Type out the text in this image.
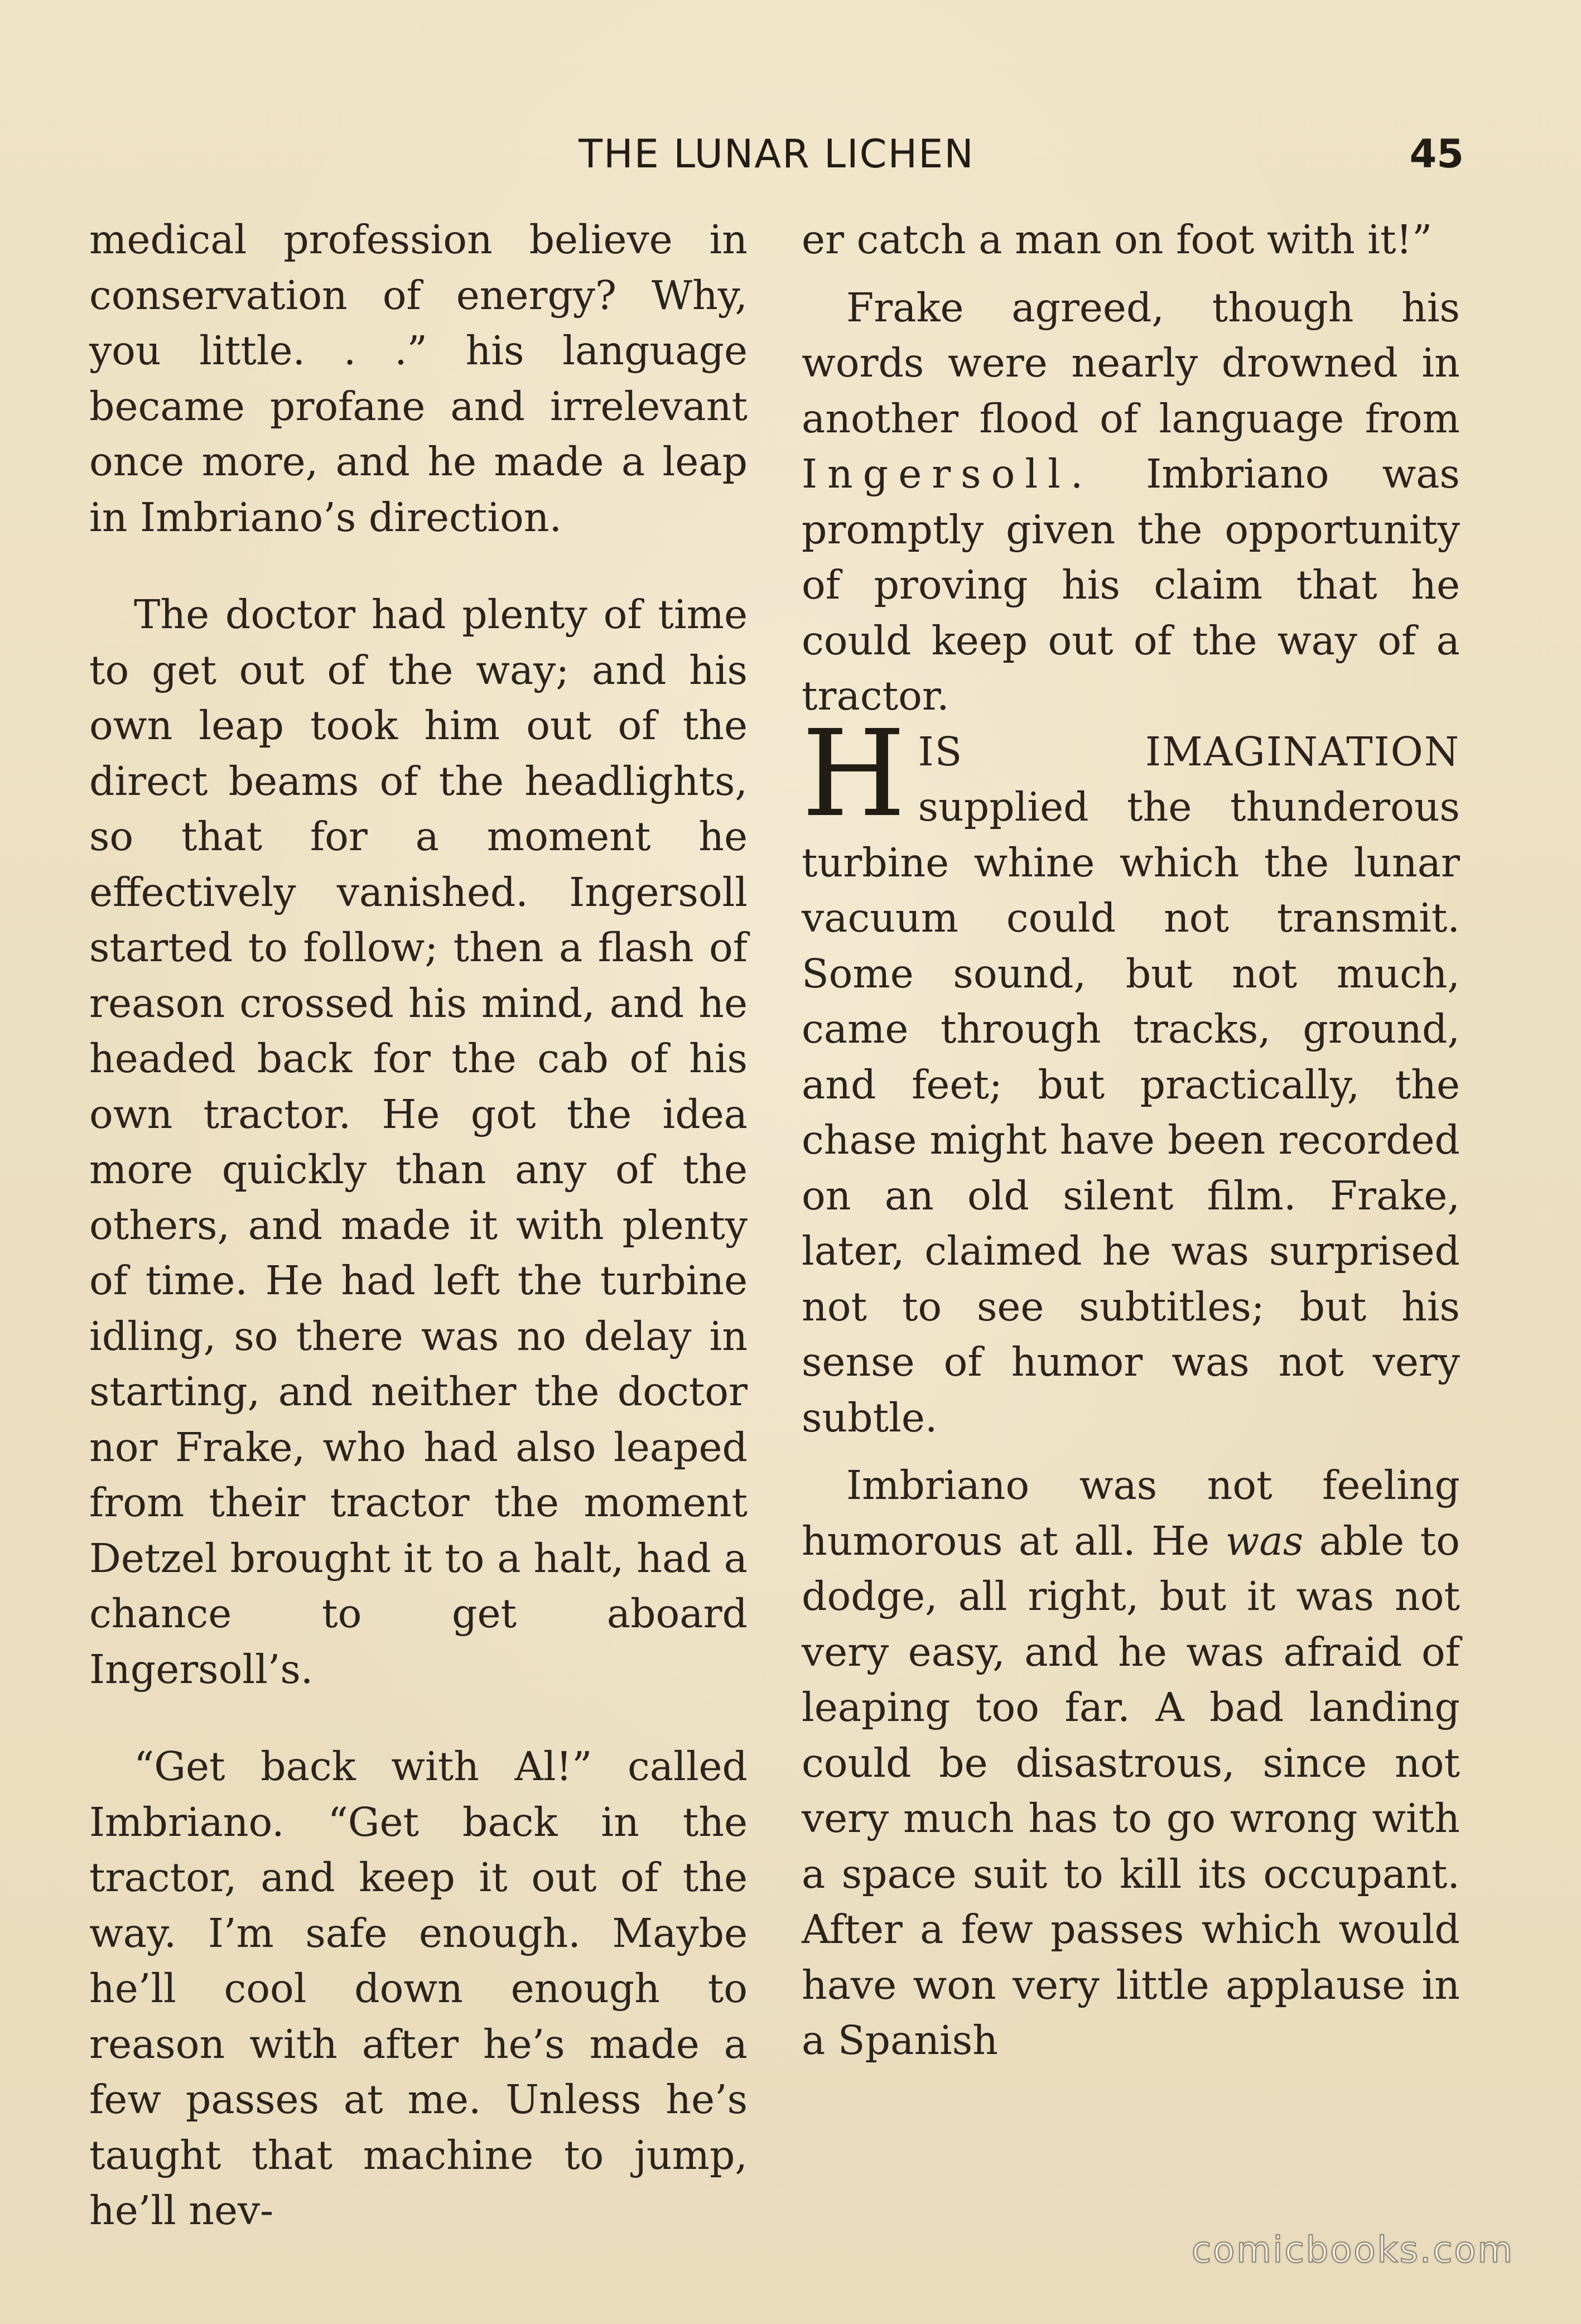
THE LUNAR LICHEN	45

medical profession believe in conservation of energy? Why, you little. . .” his language became profane and irrelevant once more, and he made a leap in Imbriano’s direction.

The doctor had plenty of time to get out of the way; and his own leap took him out of the direct beams of the headlights, so that for a moment he effectively vanished. Ingersoll started to follow; then a flash of reason crossed his mind, and he headed back for the cab of his own tractor. He got the idea more quickly than any of the others, and made it with plenty of time. He had left the turbine idling, so there was no delay in starting, and neither the doctor nor Frake, who had also leaped from their tractor the moment Detzel brought it to a halt, had a chance to get aboard Ingersoll’s.

“Get back with Al!” called Imbriano. “Get back in the tractor, and keep it out of the way. I’m safe enough. Maybe he’ll cool down enough to reason with after he’s made a few passes at me. Unless he’s taught that machine to jump, he’ll nev-

er catch a man on foot with it!”

Frake agreed, though his words were nearly drowned in another flood of language from Ingersoll. Imbriano was promptly given the opportunity of proving his claim that he could keep out of the way of a tractor.

HIS IMAGINATION supplied the thunderous turbine whine which the lunar vacuum could not transmit. Some sound, but not much, came through tracks, ground, and feet; but practically, the chase might have been recorded on an old silent film. Frake, later, claimed he was surprised not to see subtitles; but his sense of humor was not very subtle.

Imbriano was not feeling humorous at all. He was able to dodge, all right, but it was not very easy, and he was afraid of leaping too far. A bad landing could be disastrous, since not very much has to go wrong with a space suit to kill its occupant. After a few passes which would have won very little applause in a Spanish

comicbooks.com
